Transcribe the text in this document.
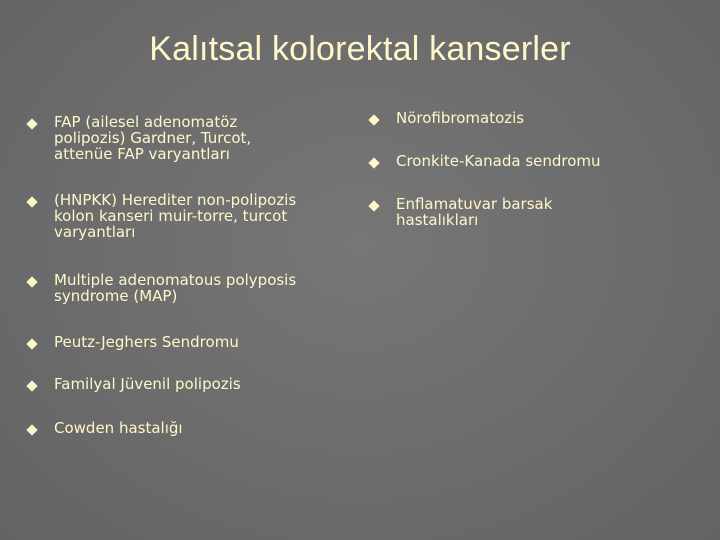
Kalıtsal kolorektal kanserler
FAP (ailesel adenomatöz
polipozis) Gardner, Turcot,
attenüe FAP varyantları
(HNPKK) Herediter non-polipozis
kolon kanseri muir-torre, turcot
varyantları
Multiple adenomatous polyposis
syndrome (MAP)
Peutz-Jeghers Sendromu
Familyal Jüvenil polipozis
Cowden hastalığı
Nörofibromatozis
Cronkite-Kanada sendromu
Enflamatuvar barsak
hastalıkları
